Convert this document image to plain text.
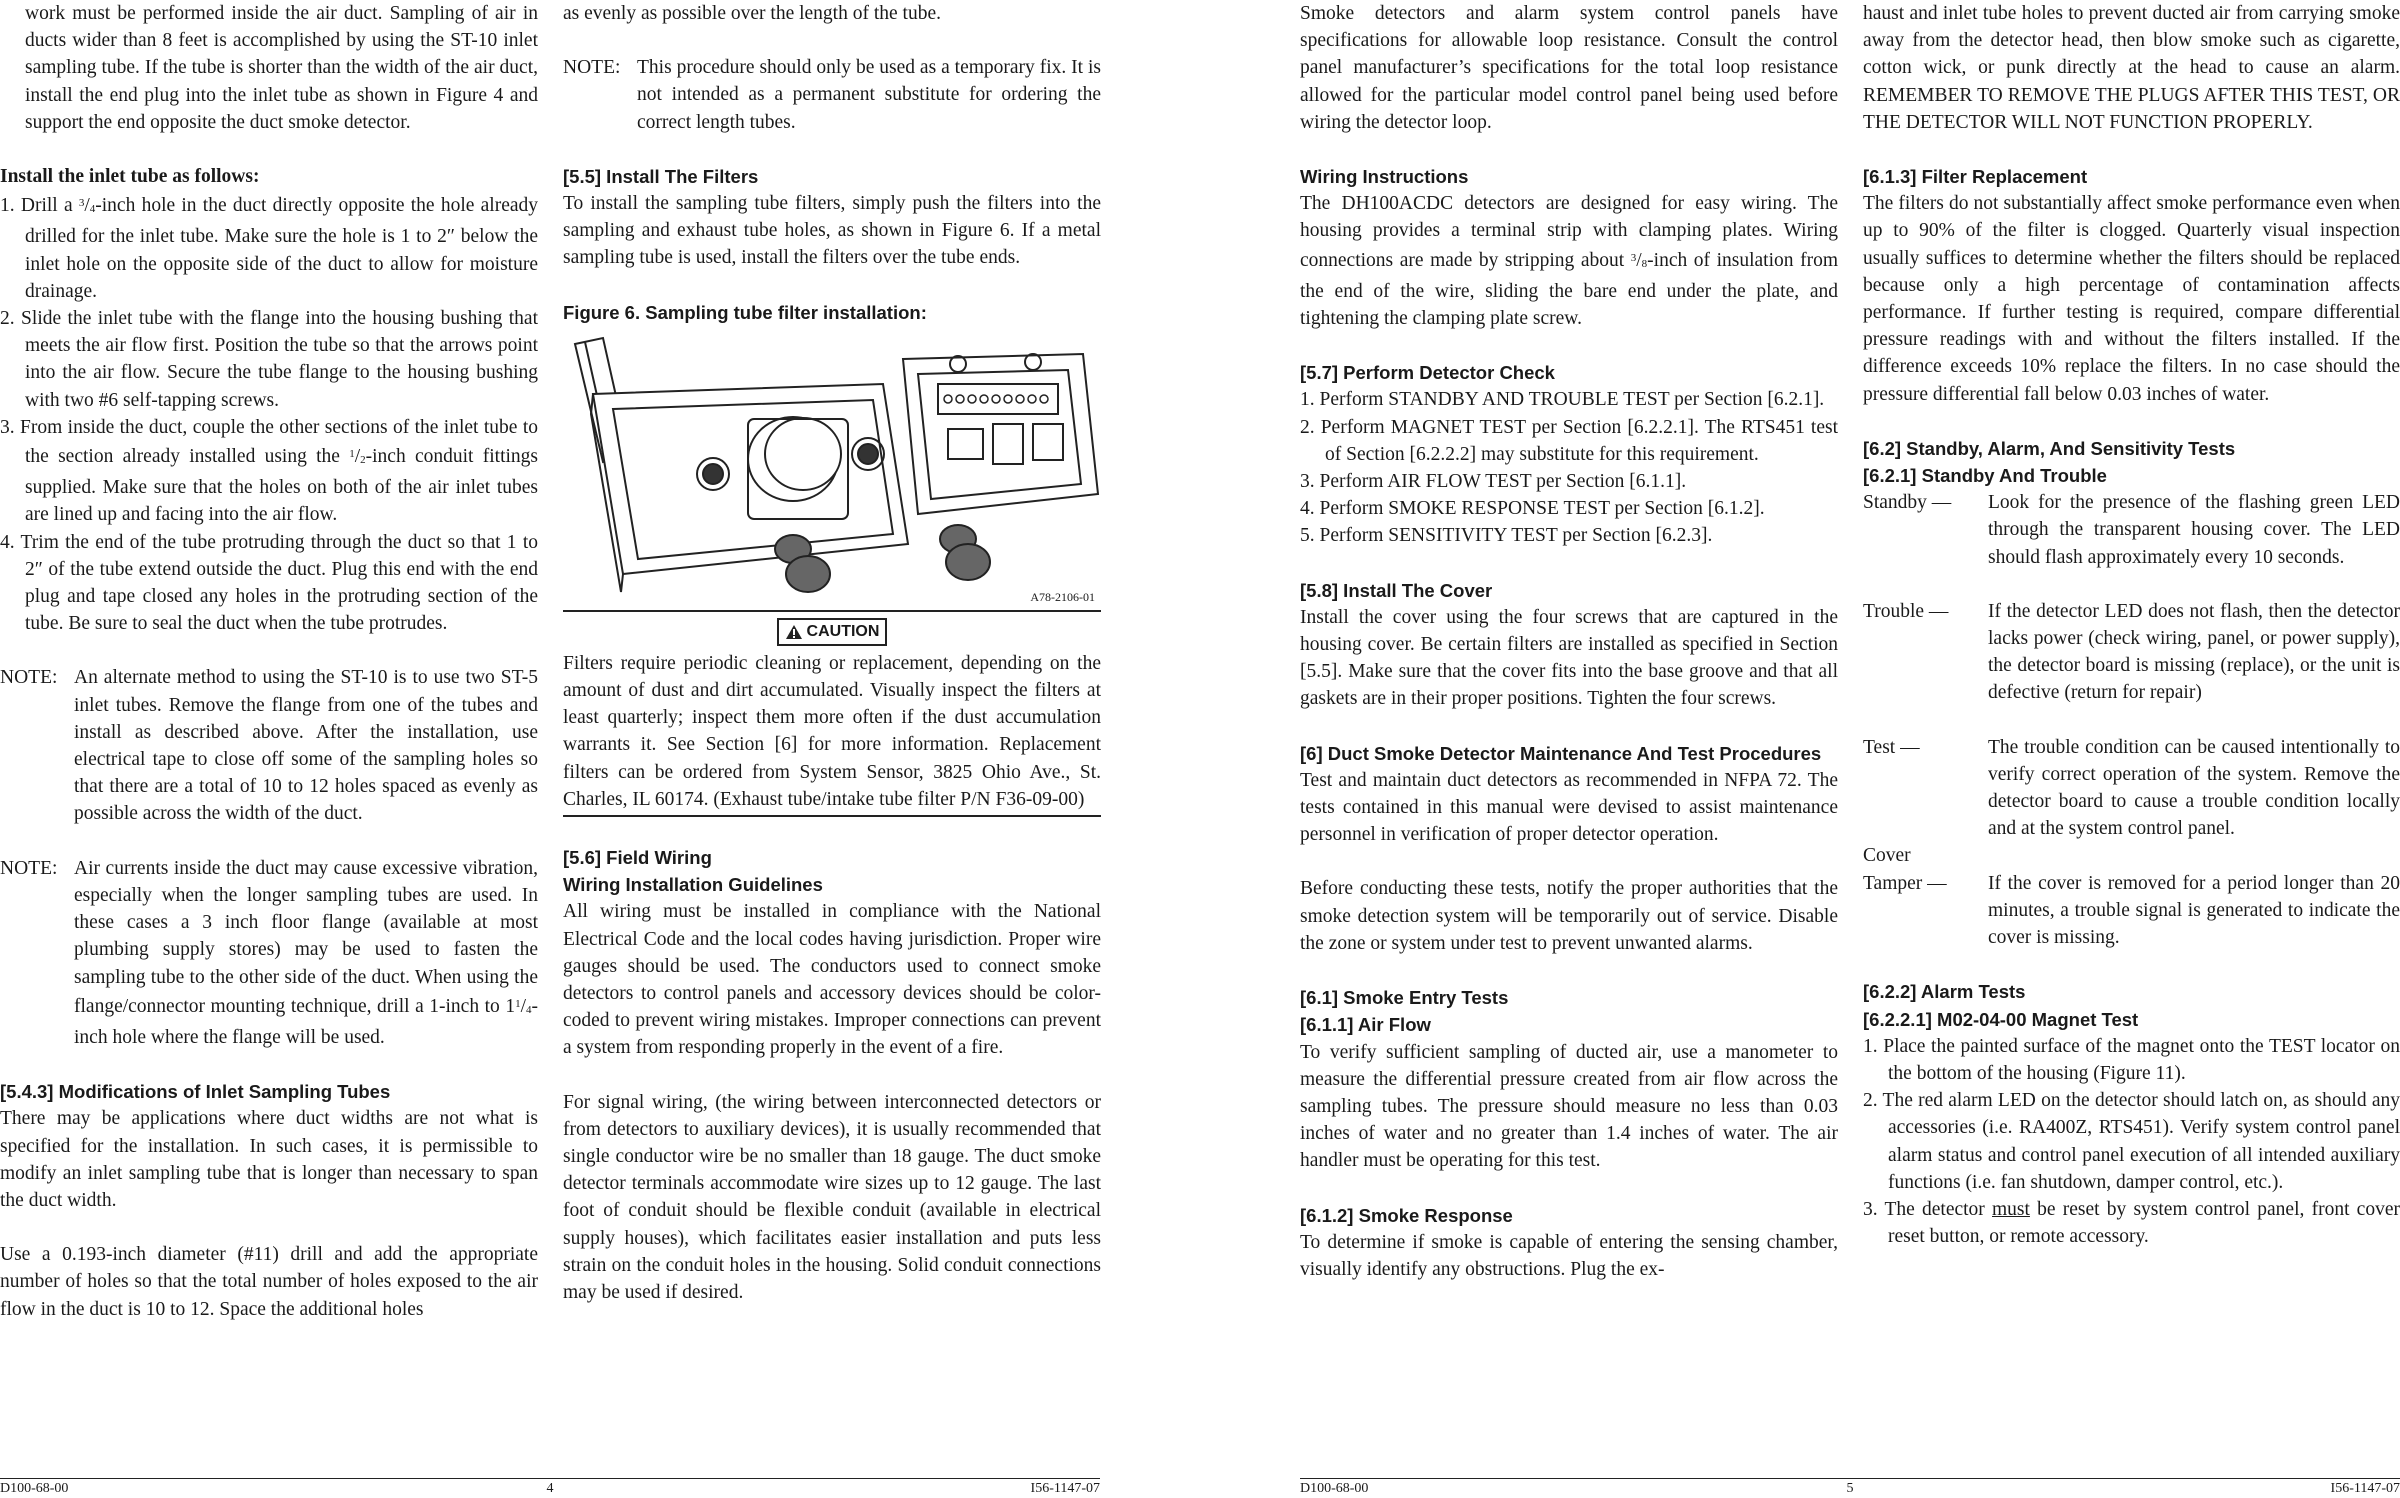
work must be performed inside the air duct. Sampling of air in ducts wider than 8 feet is accomplished by using the ST-10 inlet sampling tube. If the tube is shorter than the width of the air duct, install the end plug into the inlet tube as shown in Figure 4 and support the end opposite the duct smoke detector.

Install the inlet tube as follows:

1. Drill a $^3/_4$-inch hole in the duct directly opposite the hole already drilled for the inlet tube. Make sure the hole is 1 to 2″ below the inlet hole on the opposite side of the duct to allow for moisture drainage.

2. Slide the inlet tube with the flange into the housing bushing that meets the air flow first. Position the tube so that the arrows point into the air flow. Secure the tube flange to the housing bushing with two #6 self-tapping screws.

3. From inside the duct, couple the other sections of the inlet tube to the section already installed using the $^1/_2$-inch conduit fittings supplied. Make sure that the holes on both of the air inlet tubes are lined up and facing into the air flow.

4. Trim the end of the tube protruding through the duct so that 1 to 2″ of the tube extend outside the duct. Plug this end with the end plug and tape closed any holes in the protruding section of the tube. Be sure to seal the duct when the tube protrudes.

NOTE: An alternate method to using the ST-10 is to use two ST-5 inlet tubes. Remove the flange from one of the tubes and install as described above. After the installation, use electrical tape to close off some of the sampling holes so that there are a total of 10 to 12 holes spaced as evenly as possible across the width of the duct.
NOTE: Air currents inside the duct may cause excessive vibration, especially when the longer sampling tubes are used. In these cases a 3 inch floor flange (available at most plumbing supply stores) may be used to fasten the sampling tube to the other side of the duct. When using the flange/connector mounting technique, drill a 1-inch to $1^1/_4$-inch hole where the flange will be used.

[5.4.3] Modifications of Inlet Sampling Tubes

There may be applications where duct widths are not what is specified for the installation. In such cases, it is permissible to modify an inlet sampling tube that is longer than necessary to span the duct width.

Use a 0.193-inch diameter (#11) drill and add the appropriate number of holes so that the total number of holes exposed to the air flow in the duct is 10 to 12. Space the additional holes

as evenly as possible over the length of the tube.

NOTE: This procedure should only be used as a temporary fix. It is not intended as a permanent substitute for ordering the correct length tubes.

[5.5] Install The Filters

To install the sampling tube filters, simply push the filters into the sampling and exhaust tube holes, as shown in Figure 6. If a metal sampling tube is used, install the filters over the tube ends.

Figure 6. Sampling tube filter installation:

A78-2106-01
CAUTION

Filters require periodic cleaning or replacement, depending on the amount of dust and dirt accumulated. Visually inspect the filters at least quarterly; inspect them more often if the dust accumulation warrants it. See Section [6] for more information. Replacement filters can be ordered from System Sensor, 3825 Ohio Ave., St. Charles, IL 60174. (Exhaust tube/intake tube filter P/N F36-09-00)

[5.6] Field Wiring

Wiring Installation Guidelines

All wiring must be installed in compliance with the National Electrical Code and the local codes having jurisdiction. Proper wire gauges should be used. The conductors used to connect smoke detectors to control panels and accessory devices should be color-coded to prevent wiring mistakes. Improper connections can prevent a system from responding properly in the event of a fire.

For signal wiring, (the wiring between interconnected detectors or from detectors to auxiliary devices), it is usually recommended that single conductor wire be no smaller than 18 gauge. The duct smoke detector terminals accommodate wire sizes up to 12 gauge. The last foot of conduit should be flexible conduit (available in electrical supply houses), which facilitates easier installation and puts less strain on the conduit holes in the housing. Solid conduit connections may be used if desired.

Smoke detectors and alarm system control panels have specifications for allowable loop resistance. Consult the control panel manufacturer’s specifications for the total loop resistance allowed for the particular model control panel being used before wiring the detector loop.

Wiring Instructions

The DH100ACDC detectors are designed for easy wiring. The housing provides a terminal strip with clamping plates. Wiring connections are made by stripping about $^3/_8$-inch of insulation from the end of the wire, sliding the bare end under the plate, and tightening the clamping plate screw.

[5.7] Perform Detector Check

1. Perform STANDBY AND TROUBLE TEST per Section [6.2.1].

2. Perform MAGNET TEST per Section [6.2.2.1]. The RTS451 test of Section [6.2.2.2] may substitute for this requirement.

3. Perform AIR FLOW TEST per Section [6.1.1].

4. Perform SMOKE RESPONSE TEST per Section [6.1.2].

5. Perform SENSITIVITY TEST per Section [6.2.3].

[5.8] Install The Cover

Install the cover using the four screws that are captured in the housing cover. Be certain filters are installed as specified in Section [5.5]. Make sure that the cover fits into the base groove and that all gaskets are in their proper positions. Tighten the four screws.

[6] Duct Smoke Detector Maintenance And Test Procedures

Test and maintain duct detectors as recommended in NFPA 72. The tests contained in this manual were devised to assist maintenance personnel in verification of proper detector operation.

Before conducting these tests, notify the proper authorities that the smoke detection system will be temporarily out of service. Disable the zone or system under test to prevent unwanted alarms.

[6.1] Smoke Entry Tests

[6.1.1] Air Flow

To verify sufficient sampling of ducted air, use a manometer to measure the differential pressure created from air flow across the sampling tubes. The pressure should measure no less than 0.03 inches of water and no greater than 1.4 inches of water. The air handler must be operating for this test.

[6.1.2] Smoke Response

To determine if smoke is capable of entering the sensing chamber, visually identify any obstructions. Plug the ex-

haust and inlet tube holes to prevent ducted air from carrying smoke away from the detector head, then blow smoke such as cigarette, cotton wick, or punk directly at the head to cause an alarm. REMEMBER TO REMOVE THE PLUGS AFTER THIS TEST, OR THE DETECTOR WILL NOT FUNCTION PROPERLY.

[6.1.3] Filter Replacement

The filters do not substantially affect smoke performance even when up to 90% of the filter is clogged. Quarterly visual inspection usually suffices to determine whether the filters should be replaced because only a high percentage of contamination affects performance. If further testing is required, compare differential pressure readings with and without the filters installed. If the difference exceeds 10% replace the filters. In no case should the pressure differential fall below 0.03 inches of water.

[6.2] Standby, Alarm, And Sensitivity Tests

[6.2.1] Standby And Trouble

Standby —	Look for the presence of the flashing green LED through the transparent housing cover. The LED should flash approximately every 10 seconds.
Trouble —	If the detector LED does not flash, then the detector lacks power (check wiring, panel, or power supply), the detector board is missing (replace), or the unit is defective (return for repair)
Test —	The trouble condition can be caused intentionally to verify correct operation of the system. Remove the detector board to cause a trouble condition locally and at the system control panel.

Cover

Tamper —	If the cover is removed for a period longer than 20 minutes, a trouble signal is generated to indicate the cover is missing.

[6.2.2] Alarm Tests

[6.2.2.1] M02-04-00 Magnet Test

1. Place the painted surface of the magnet onto the TEST locator on the bottom of the housing (Figure 11).

2. The red alarm LED on the detector should latch on, as should any accessories (i.e. RA400Z, RTS451). Verify system control panel alarm status and control panel execution of all intended auxiliary functions (i.e. fan shutdown, damper control, etc.).

3. The detector must be reset by system control panel, front cover reset button, or remote accessory.

D100-68-00	4	I56-1147-07	D100-68-00	5	I56-1147-07
